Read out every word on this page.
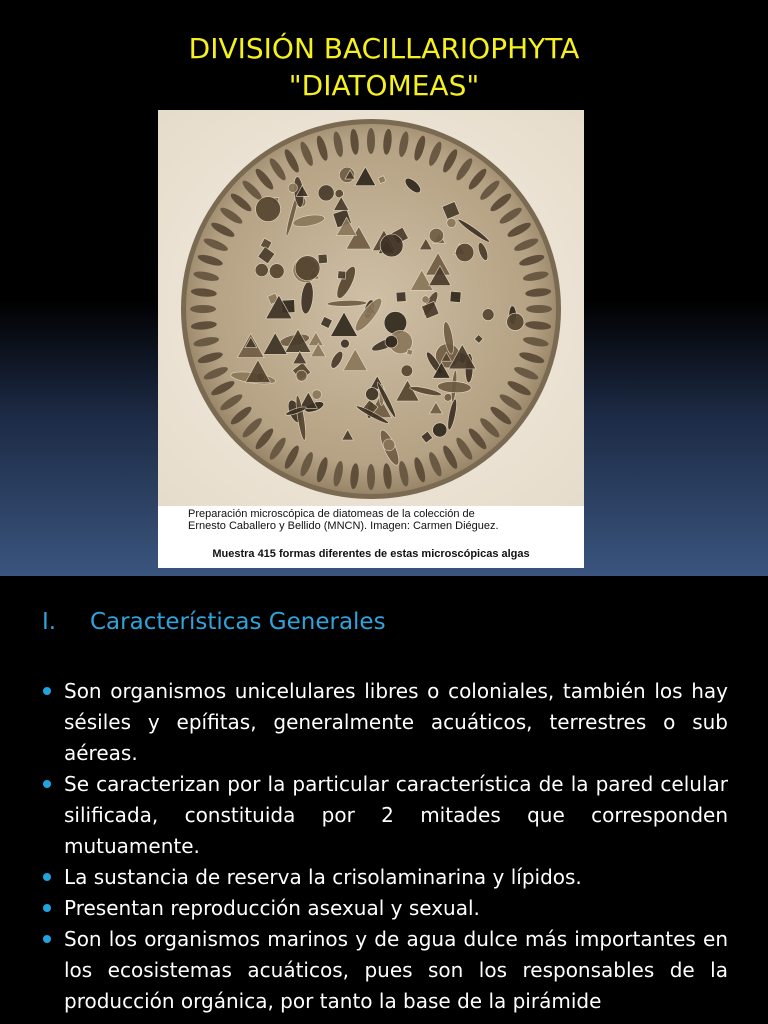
DIVISIÓN BACILLARIOPHYTA
"DIATOMEAS"
Preparación microscópica de diatomeas de la colección de
Ernesto Caballero y Bellido (MNCN). Imagen: Carmen Diéguez.
Muestra 415 formas diferentes de estas microscópicas algas
I. Características Generales
Son organismos unicelulares libres o coloniales, también los hay sésiles y epífitas, generalmente acuáticos, terrestres o sub aéreas.
Se caracterizan por la particular característica de la pared celular silificada, constituida por 2 mitades que corresponden mutuamente.
La sustancia de reserva la crisolaminarina y lípidos.
Presentan reproducción asexual y sexual.
Son los organismos marinos y de agua dulce más importantes en los ecosistemas acuáticos, pues son los responsables de la producción orgánica, por tanto la base de la pirámide
